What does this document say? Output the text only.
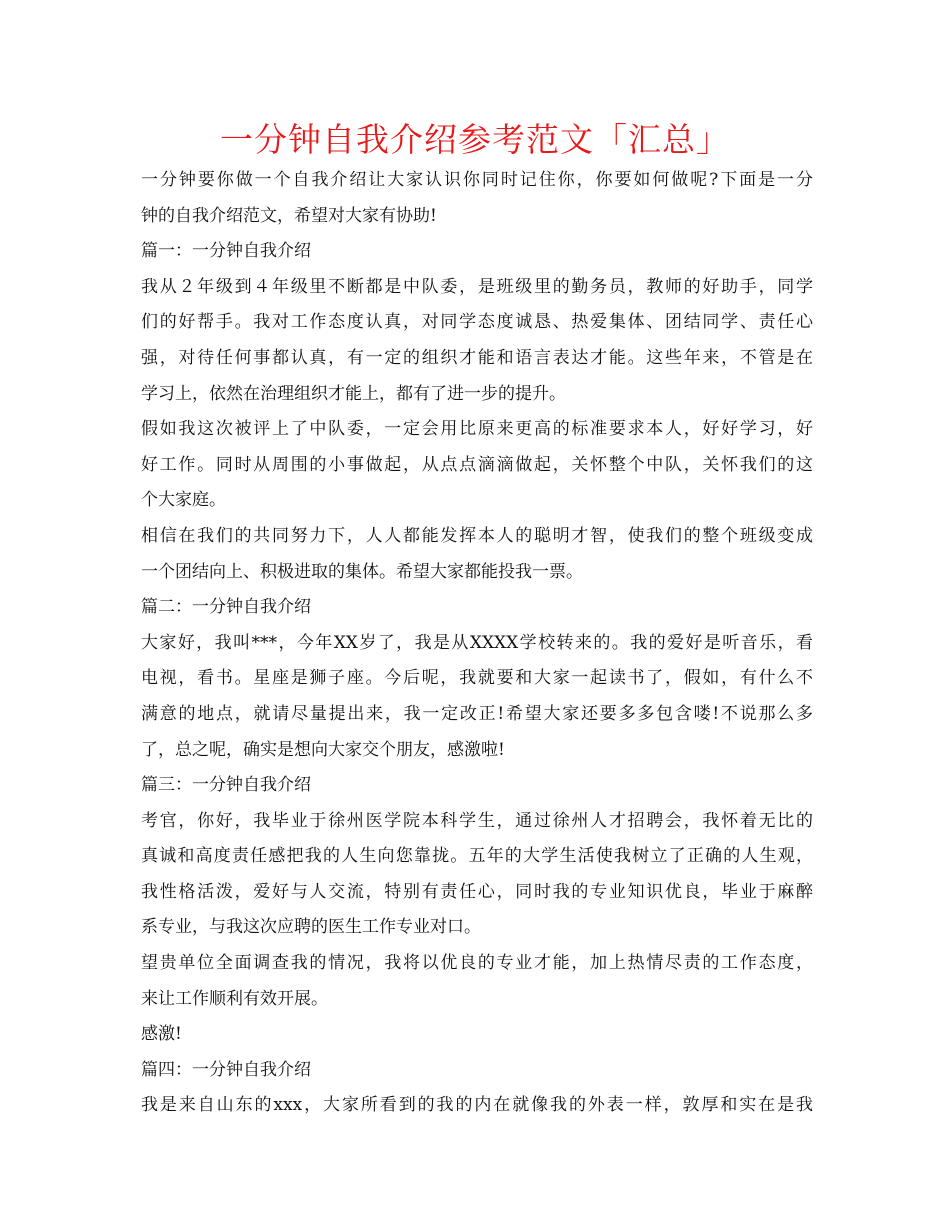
一分钟自我介绍参考范文「汇总」
一分钟要你做一个自我介绍让大家认识你同时记住你，你要如何做呢?下面是一分
钟的自我介绍范文，希望对大家有协助!
篇一：一分钟自我介绍
我从２年级到４年级里不断都是中队委，是班级里的勤务员，教师的好助手，同学
们的好帮手。我对工作态度认真，对同学态度诚恳、热爱集体、团结同学、责任心
强，对待任何事都认真，有一定的组织才能和语言表达才能。这些年来，不管是在
学习上，依然在治理组织才能上，都有了进一步的提升。
假如我这次被评上了中队委，一定会用比原来更高的标准要求本人，好好学习，好
好工作。同时从周围的小事做起，从点点滴滴做起，关怀整个中队，关怀我们的这
个大家庭。
相信在我们的共同努力下，人人都能发挥本人的聪明才智，使我们的整个班级变成
一个团结向上、积极进取的集体。希望大家都能投我一票。
篇二：一分钟自我介绍
大家好，我叫***，今年XX岁了，我是从XXXX学校转来的。我的爱好是听音乐，看
电视，看书。星座是狮子座。今后呢，我就要和大家一起读书了，假如，有什么不
满意的地点，就请尽量提出来，我一定改正!希望大家还要多多包含喽!不说那么多
了，总之呢，确实是想向大家交个朋友，感激啦!
篇三：一分钟自我介绍
考官，你好，我毕业于徐州医学院本科学生，通过徐州人才招聘会，我怀着无比的
真诚和高度责任感把我的人生向您靠拢。五年的大学生活使我树立了正确的人生观，
我性格活泼，爱好与人交流，特别有责任心，同时我的专业知识优良，毕业于麻醉
系专业，与我这次应聘的医生工作专业对口。
望贵单位全面调查我的情况，我将以优良的专业才能，加上热情尽责的工作态度，
来让工作顺利有效开展。
感激!
篇四：一分钟自我介绍
我是来自山东的xxx，大家所看到的我的内在就像我的外表一样，敦厚和实在是我
